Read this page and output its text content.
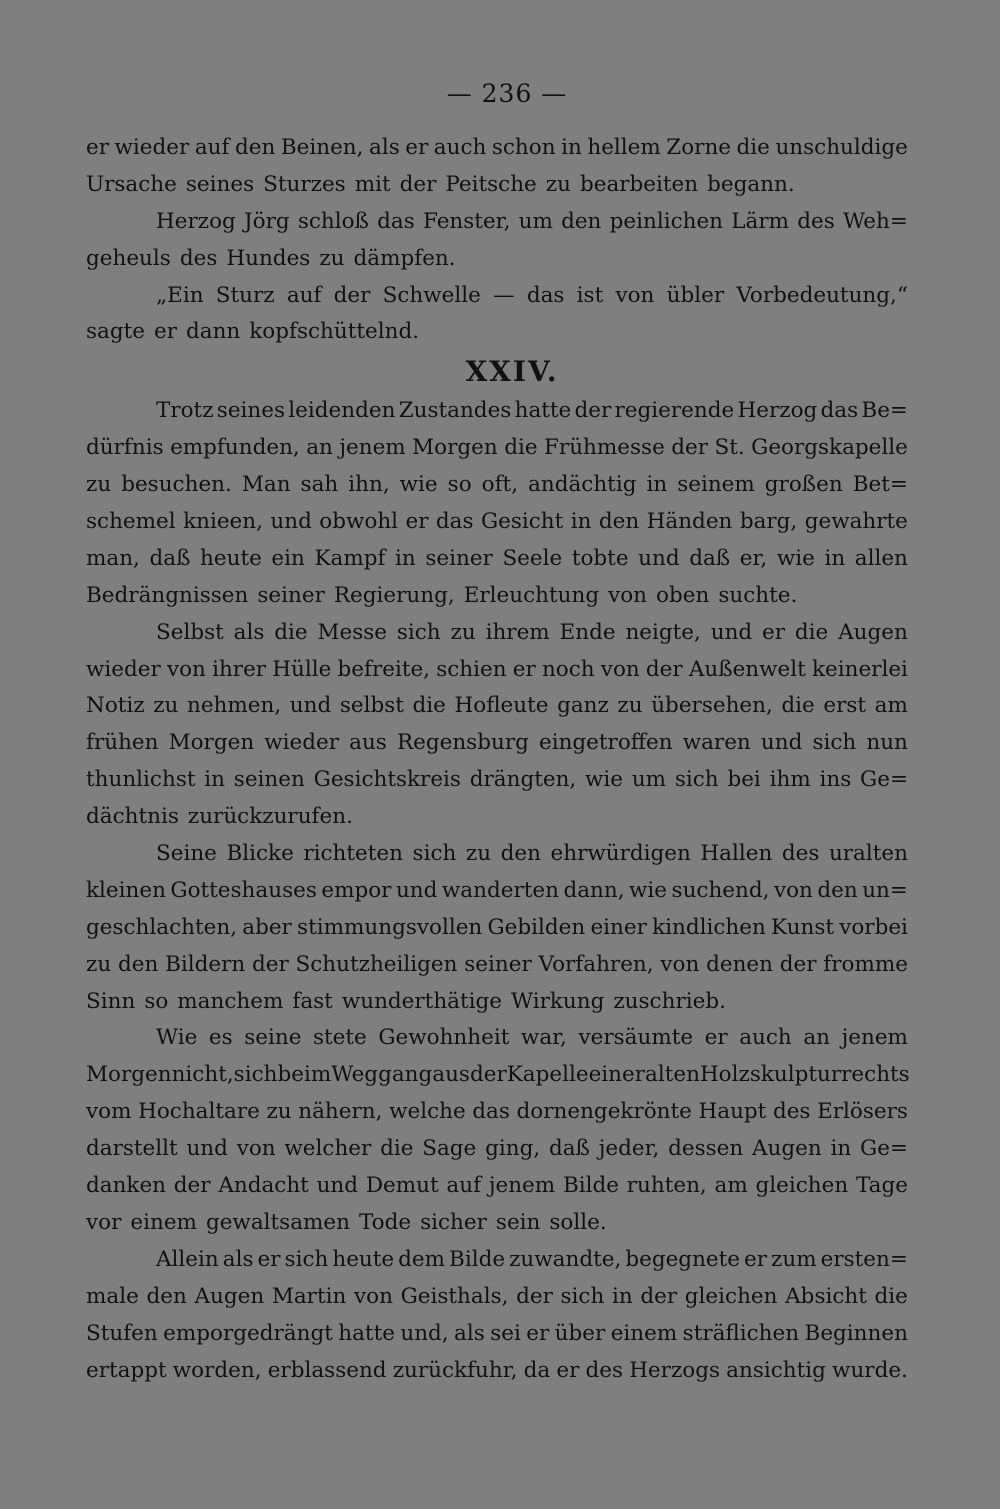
— 236 —
er wieder auf den Beinen, als er auch schon in hellem Zorne die unschuldige
Ursache seines Sturzes mit der Peitsche zu bearbeiten begann.
Herzog Jörg schloß das Fenster, um den peinlichen Lärm des Weh=
geheuls des Hundes zu dämpfen.
„Ein Sturz auf der Schwelle — das ist von übler Vorbedeutung,“
sagte er dann kopfschüttelnd.
XXIV.
Trotz seines leidenden Zustandes hatte der regierende Herzog das Be=
dürfnis empfunden, an jenem Morgen die Frühmesse der St. Georgskapelle
zu besuchen. Man sah ihn, wie so oft, andächtig in seinem großen Bet=
schemel knieen, und obwohl er das Gesicht in den Händen barg, gewahrte
man, daß heute ein Kampf in seiner Seele tobte und daß er, wie in allen
Bedrängnissen seiner Regierung, Erleuchtung von oben suchte.
Selbst als die Messe sich zu ihrem Ende neigte, und er die Augen
wieder von ihrer Hülle befreite, schien er noch von der Außenwelt keinerlei
Notiz zu nehmen, und selbst die Hofleute ganz zu übersehen, die erst am
frühen Morgen wieder aus Regensburg eingetroffen waren und sich nun
thunlichst in seinen Gesichtskreis drängten, wie um sich bei ihm ins Ge=
dächtnis zurückzurufen.
Seine Blicke richteten sich zu den ehrwürdigen Hallen des uralten
kleinen Gotteshauses empor und wanderten dann, wie suchend, von den un=
geschlachten, aber stimmungsvollen Gebilden einer kindlichen Kunst vorbei
zu den Bildern der Schutzheiligen seiner Vorfahren, von denen der fromme
Sinn so manchem fast wunderthätige Wirkung zuschrieb.
Wie es seine stete Gewohnheit war, versäumte er auch an jenem
Morgen nicht, sich beim Weggang aus der Kapelle einer alten Holzskulptur rechts
vom Hochaltare zu nähern, welche das dornengekrönte Haupt des Erlösers
darstellt und von welcher die Sage ging, daß jeder, dessen Augen in Ge=
danken der Andacht und Demut auf jenem Bilde ruhten, am gleichen Tage
vor einem gewaltsamen Tode sicher sein solle.
Allein als er sich heute dem Bilde zuwandte, begegnete er zum ersten=
male den Augen Martin von Geisthals, der sich in der gleichen Absicht die
Stufen emporgedrängt hatte und, als sei er über einem sträflichen Beginnen
ertappt worden, erblassend zurückfuhr, da er des Herzogs ansichtig wurde.
